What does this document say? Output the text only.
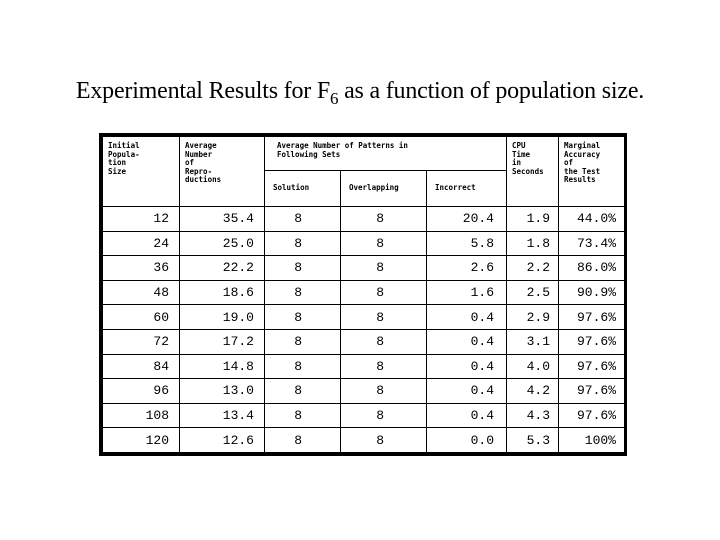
Experimental Results for $F_6$ as a function of population size.
Initial
Popula-
tion
Size	Average
Number
of
Repro-
ductions	Average Number of Patterns in
Following Sets			CPU
Time
in
Seconds	Marginal
Accuracy
of
the Test
Results
		Solution	Overlapping	Incorrect		
12	35.4	8	8	20.4	1.9	44.0%
24	25.0	8	8	5.8	1.8	73.4%
36	22.2	8	8	2.6	2.2	86.0%
48	18.6	8	8	1.6	2.5	90.9%
60	19.0	8	8	0.4	2.9	97.6%
72	17.2	8	8	0.4	3.1	97.6%
84	14.8	8	8	0.4	4.0	97.6%
96	13.0	8	8	0.4	4.2	97.6%
108	13.4	8	8	0.4	4.3	97.6%
120	12.6	8	8	0.0	5.3	100%
